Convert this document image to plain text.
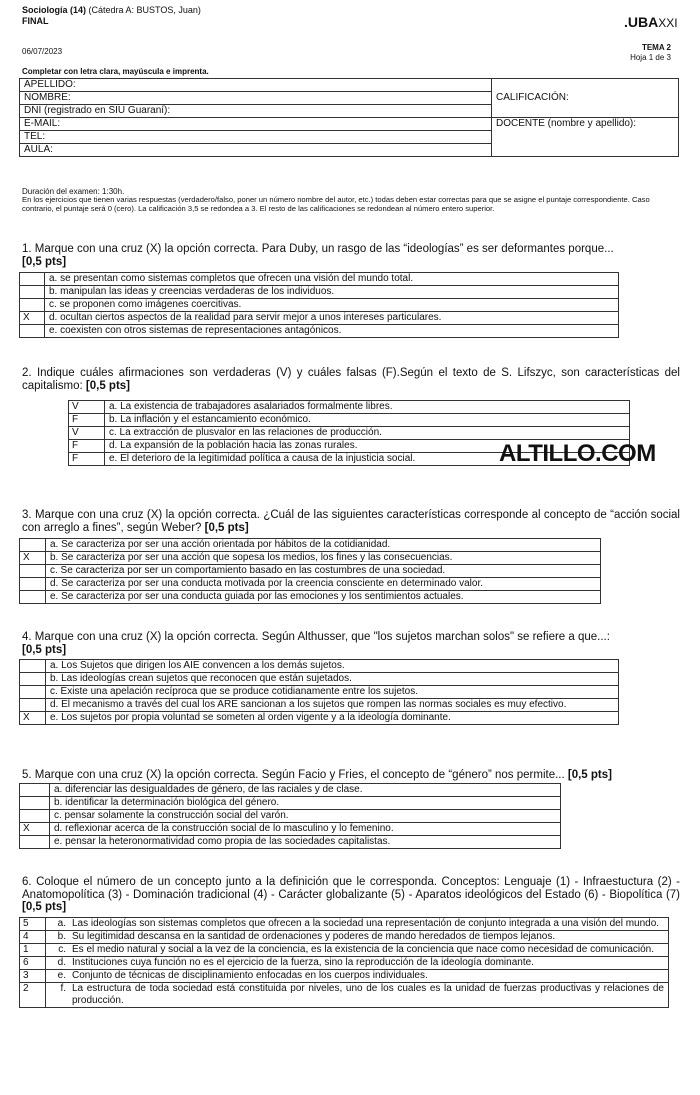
Sociología (14) (Cátedra A: BUSTOS, Juan)
FINAL	.UBAXXI
06/07/2023	TEMA 2
Hoja 1 de 3
Completar con letra clara, mayúscula e imprenta.
APELLIDO:	CALIFICACIÓN:
NOMBRE:	
DNI (registrado en SIU Guaraní):	
E-MAIL:	DOCENTE (nombre y apellido):
TEL:	
AULA:	
Duración del examen: 1:30h.
En los ejercicios que tienen varias respuestas (verdadero/falso, poner un número nombre del autor, etc.) todas deben estar correctas para que se asigne el puntaje correspondiente. Caso contrario, el puntaje será 0 (cero). La calificación 3,5 se redondea a 3. El resto de las calificaciones se redondean al número entero superior.
1. Marque con una cruz (X) la opción correcta. Para Duby, un rasgo de las “ideologías” es ser deformantes porque...
[0,5 pts]
	a. se presentan como sistemas completos que ofrecen una visión del mundo total.
	b. manipulan las ideas y creencias verdaderas de los individuos.
	c. se proponen como imágenes coercitivas.
X	d. ocultan ciertos aspectos de la realidad para servir mejor a unos intereses particulares.
	e. coexisten con otros sistemas de representaciones antagónicos.
2. Indique cuáles afirmaciones son verdaderas (V) y cuáles falsas (F).Según el texto de S. Lifszyc, son características del capitalismo: [0,5 pts]
V	a. La existencia de trabajadores asalariados formalmente libres.
F	b. La inflación y el estancamiento económico.
V	c. La extracción de plusvalor en las relaciones de producción.
F	d. La expansión de la población hacia las zonas rurales.
F	e. El deterioro de la legitimidad política a causa de la injusticia social.	ALTILLO.COM
3. Marque con una cruz (X) la opción correcta. ¿Cuál de las siguientes características corresponde al concepto de “acción social con arreglo a fines”, según Weber? [0,5 pts]
	a. Se caracteriza por ser una acción orientada por hábitos de la cotidianidad.
X	b. Se caracteriza por ser una acción que sopesa los medios, los fines y las consecuencias.
	c. Se caracteriza por ser un comportamiento basado en las costumbres de una sociedad.
	d. Se caracteriza por ser una conducta motivada por la creencia consciente en determinado valor.
	e. Se caracteriza por ser una conducta guiada por las emociones y los sentimientos actuales.
4. Marque con una cruz (X) la opción correcta. Según Althusser, que "los sujetos marchan solos" se refiere a que...:
[0,5 pts]
	a. Los Sujetos que dirigen los AIE convencen a los demás sujetos.
	b. Las ideologías crean sujetos que reconocen que están sujetados.
	c. Existe una apelación recíproca que se produce cotidianamente entre los sujetos.
	d. El mecanismo a través del cual los ARE sancionan a los sujetos que rompen las normas sociales es muy efectivo.
X	e. Los sujetos por propia voluntad se someten al orden vigente y a la ideología dominante.
5. Marque con una cruz (X) la opción correcta. Según Facio y Fries, el concepto de “género” nos permite... [0,5 pts]
	a. diferenciar las desigualdades de género, de las raciales y de clase.
	b. identificar la determinación biológica del género.
	c. pensar solamente la construcción social del varón.
X	d. reflexionar acerca de la construcción social de lo masculino y lo femenino.
	e. pensar la heteronormatividad como propia de las sociedades capitalistas.
6. Coloque el número de un concepto junto a la definición que le corresponda. Conceptos: Lenguaje (1) - Infraestuctura (2) - Anatomopolítica (3) - Dominación tradicional (4) - Carácter globalizante (5) - Aparatos ideológicos del Estado (6) - Biopolítica (7) [0,5 pts]
5	a. Las ideologías son sistemas completos que ofrecen a la sociedad una representación de conjunto integrada a una visión del mundo.

4	b. Su legitimidad descansa en la santidad de ordenaciones y poderes de mando heredados de tiempos lejanos.

1	c. Es el medio natural y social a la vez de la conciencia, es la existencia de la conciencia que nace como necesidad de comunicación.

6	d. Instituciones cuya función no es el ejercicio de la fuerza, sino la reproducción de la ideología dominante.

3	e. Conjunto de técnicas de disciplinamiento enfocadas en los cuerpos individuales.

2	f. La estructura de toda sociedad está constituida por niveles, uno de los cuales es la unidad de fuerzas productivas y relaciones de producción.
